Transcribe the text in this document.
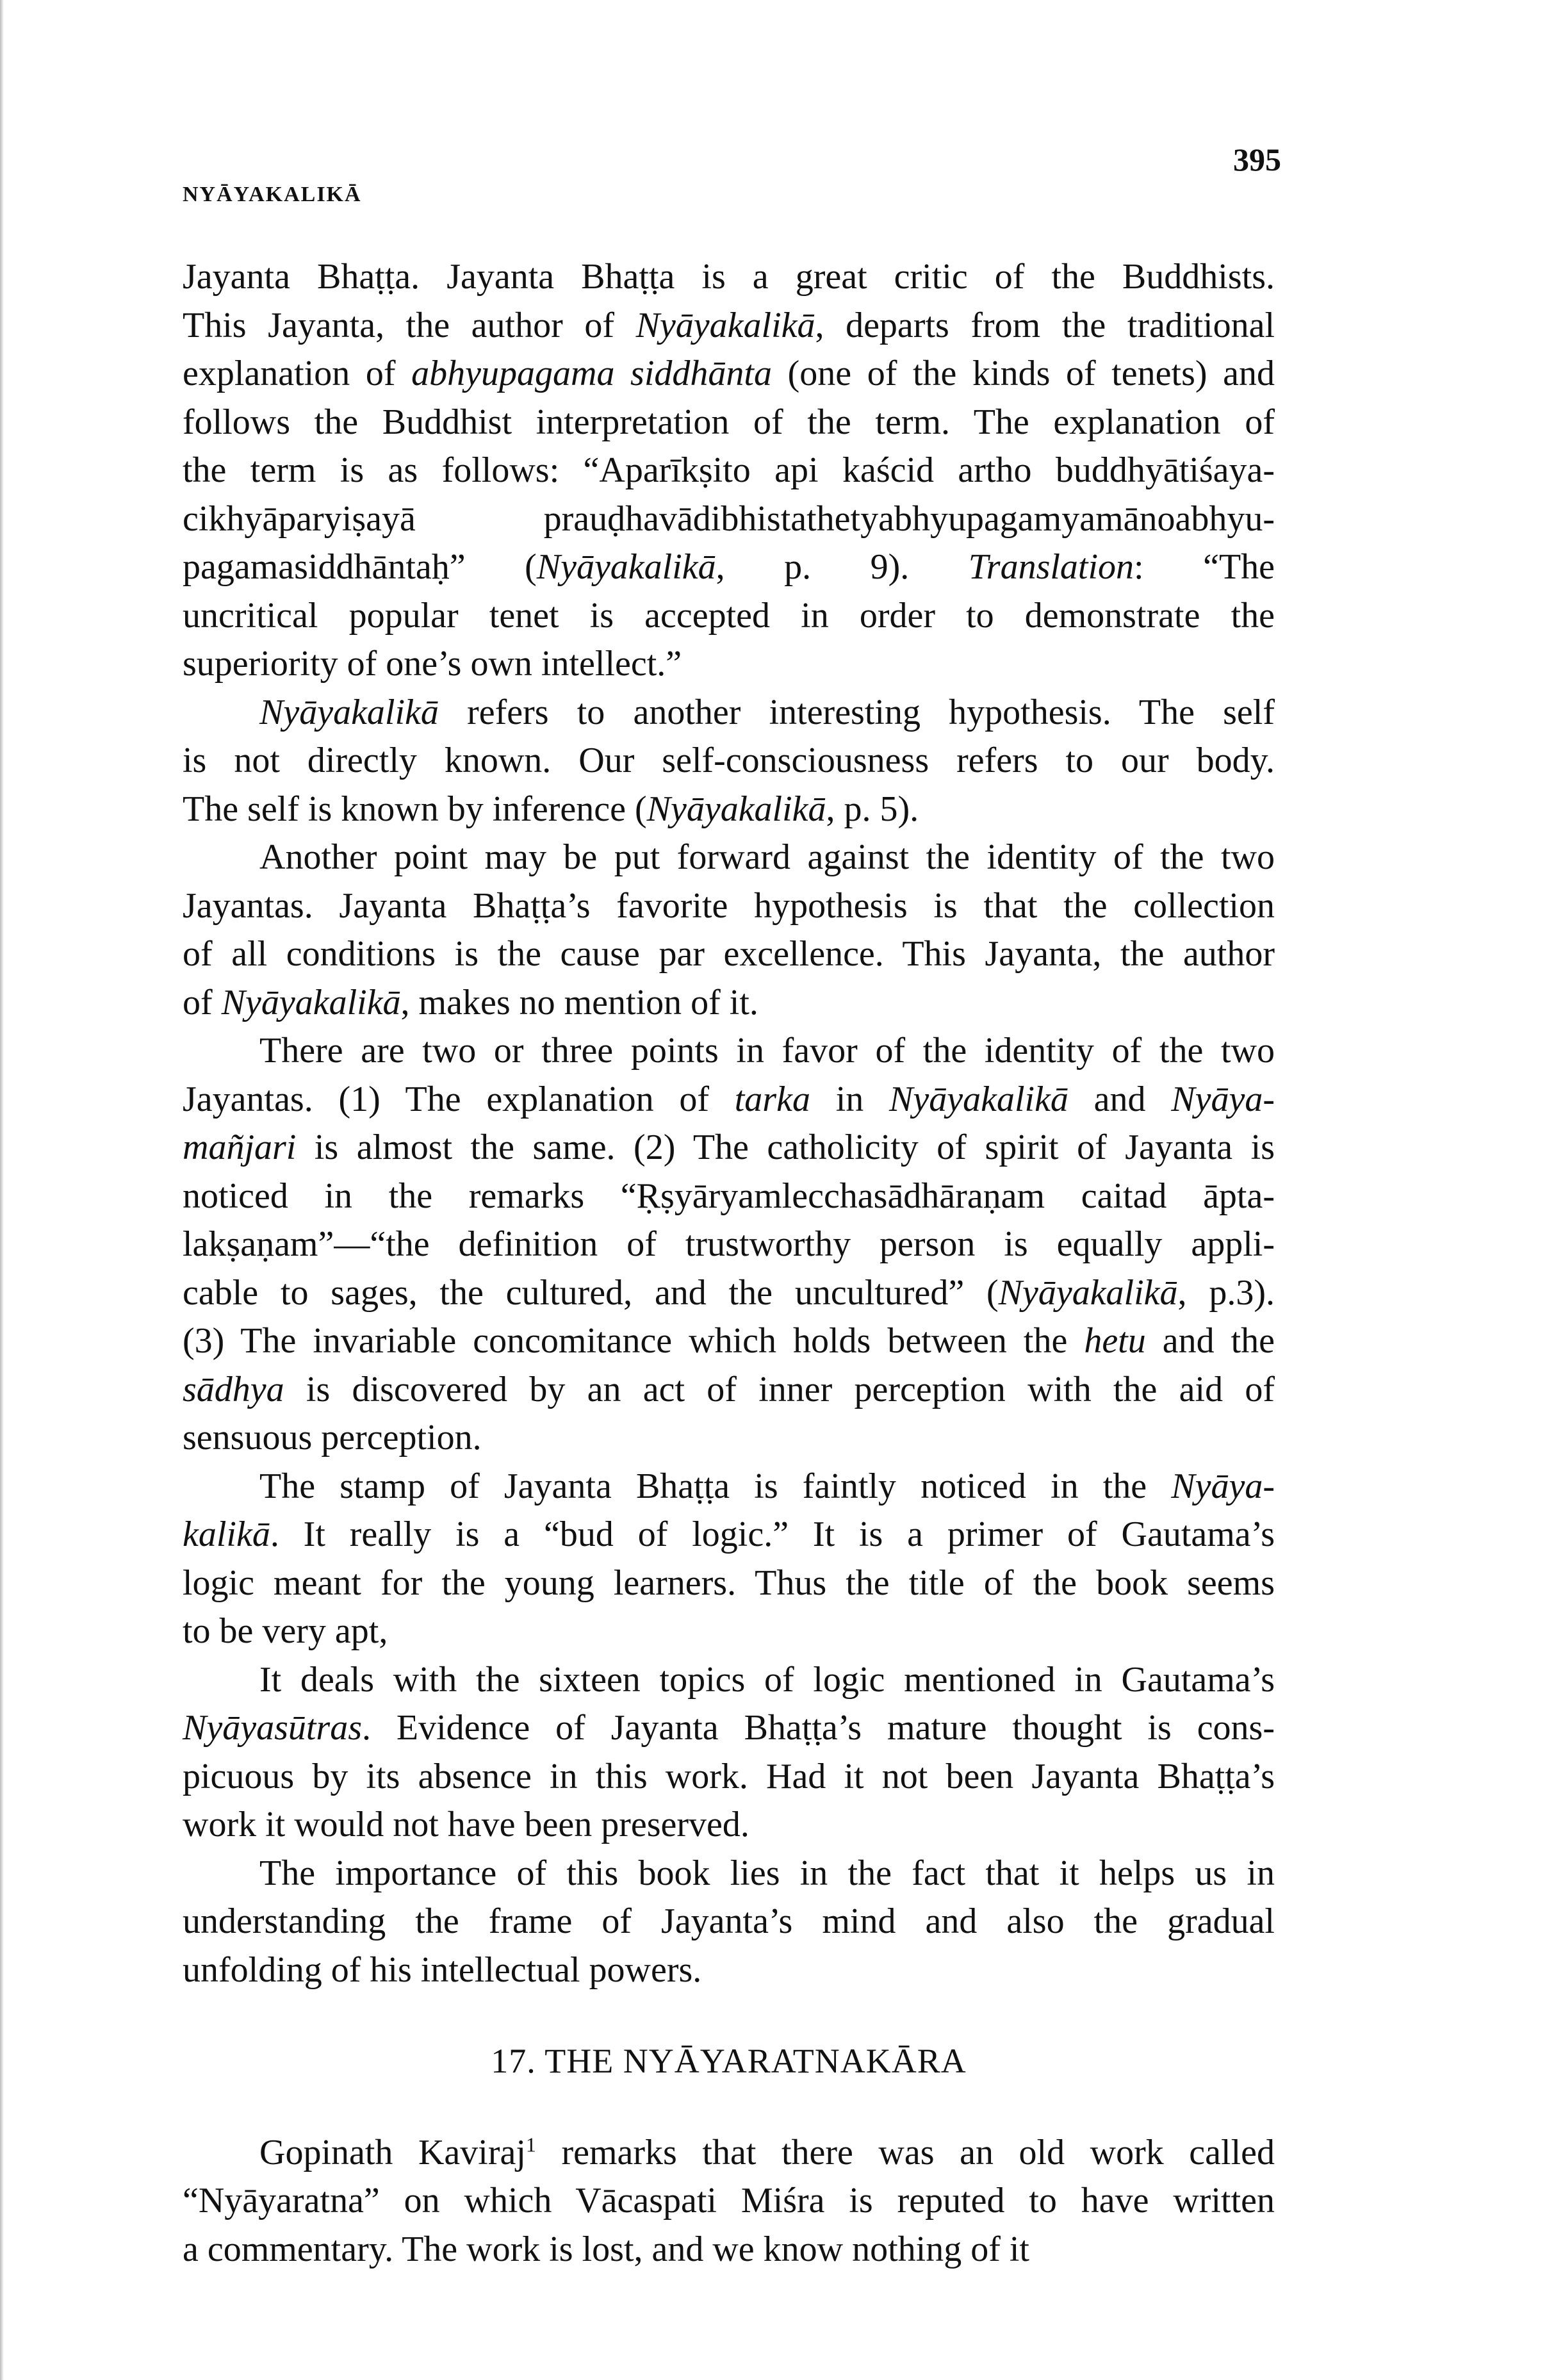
NYĀYAKALIKĀ
395
Jayanta Bhaṭṭa. Jayanta Bhaṭṭa is a great critic of the Buddhists.
This Jayanta, the author of Nyāyakalikā, departs from the traditional
explanation of abhyupagama siddhānta (one of the kinds of tenets) and
follows the Buddhist interpretation of the term. The explanation of
the term is as follows: “Aparīkṣito api kaścid artho buddhyātiśaya-
cikhyāparyiṣayā prauḍhavādibhistathetyabhyupagamyamānoabhyu-
pagamasiddhāntaḥ” (Nyāyakalikā, p. 9). Translation: “The
uncritical popular tenet is accepted in order to demonstrate the
superiority of one’s own intellect.”
Nyāyakalikā refers to another interesting hypothesis. The self
is not directly known. Our self-consciousness refers to our body.
The self is known by inference (Nyāyakalikā, p. 5).
Another point may be put forward against the identity of the two
Jayantas. Jayanta Bhaṭṭa’s favorite hypothesis is that the collection
of all conditions is the cause par excellence. This Jayanta, the author
of Nyāyakalikā, makes no mention of it.
There are two or three points in favor of the identity of the two
Jayantas. (1) The explanation of tarka in Nyāyakalikā and Nyāya-
mañjari is almost the same. (2) The catholicity of spirit of Jayanta is
noticed in the remarks “Ṛṣyāryamlecchasādhāraṇam caitad āpta-
lakṣaṇam”—“the definition of trustworthy person is equally appli-
cable to sages, the cultured, and the uncultured” (Nyāyakalikā, p.3).
(3) The invariable concomitance which holds between the hetu and the
sādhya is discovered by an act of inner perception with the aid of
sensuous perception.
The stamp of Jayanta Bhaṭṭa is faintly noticed in the Nyāya-
kalikā. It really is a “bud of logic.” It is a primer of Gautama’s
logic meant for the young learners. Thus the title of the book seems
to be very apt,
It deals with the sixteen topics of logic mentioned in Gautama’s
Nyāyasūtras. Evidence of Jayanta Bhaṭṭa’s mature thought is cons-
picuous by its absence in this work. Had it not been Jayanta Bhaṭṭa’s
work it would not have been preserved.
The importance of this book lies in the fact that it helps us in
understanding the frame of Jayanta’s mind and also the gradual
unfolding of his intellectual powers.
17. THE NYĀYARATNAKĀRA
Gopinath Kaviraj$^1$ remarks that there was an old work called
“Nyāyaratna” on which Vācaspati Miśra is reputed to have written
a commentary. The work is lost, and we know nothing of it
